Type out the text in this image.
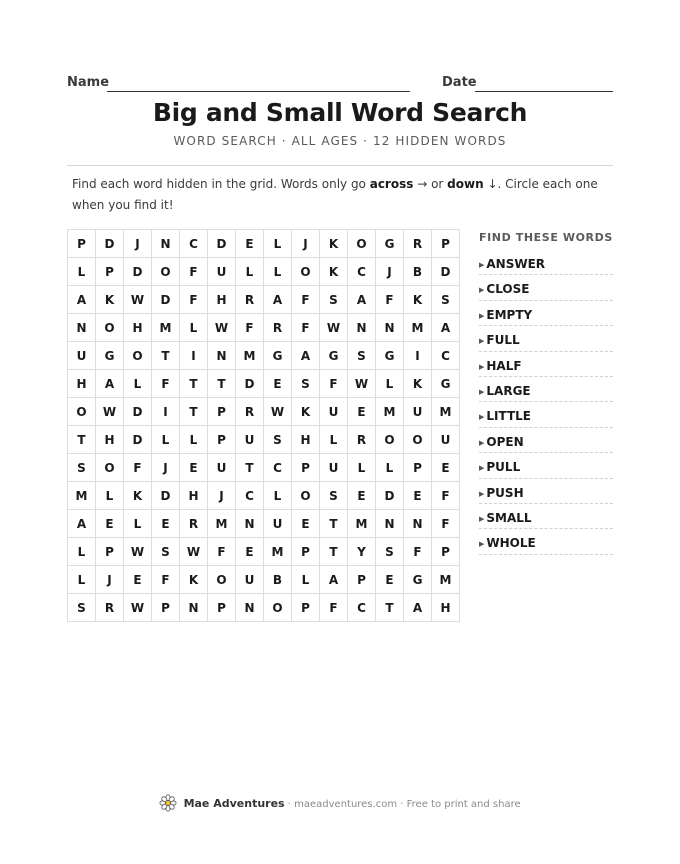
Name	Date
Big and Small Word Search
WORD SEARCH · ALL AGES · 12 HIDDEN WORDS

Find each word hidden in the grid. Words only go across → or down ↓. Circle each one when you find it!

P	D	J	N	C	D	E	L	J	K	O	G	R	P
L	P	D	O	F	U	L	L	O	K	C	J	B	D
A	K	W	D	F	H	R	A	F	S	A	F	K	S
N	O	H	M	L	W	F	R	F	W	N	N	M	A
U	G	O	T	I	N	M	G	A	G	S	G	I	C
H	A	L	F	T	T	D	E	S	F	W	L	K	G
O	W	D	I	T	P	R	W	K	U	E	M	U	M
T	H	D	L	L	P	U	S	H	L	R	O	O	U
S	O	F	J	E	U	T	C	P	U	L	L	P	E
M	L	K	D	H	J	C	L	O	S	E	D	E	F
A	E	L	E	R	M	N	U	E	T	M	N	N	F
L	P	W	S	W	F	E	M	P	T	Y	S	F	P
L	J	E	F	K	O	U	B	L	A	P	E	G	M
S	R	W	P	N	P	N	O	P	F	C	T	A	H
FIND THESE WORDS
▶ ANSWER
▶ CLOSE
▶ EMPTY
▶ FULL
▶ HALF
▶ LARGE
▶ LITTLE
▶ OPEN
▶ PULL
▶ PUSH
▶ SMALL
▶ WHOLE
Mae Adventures · maeadventures.com · Free to print and share
